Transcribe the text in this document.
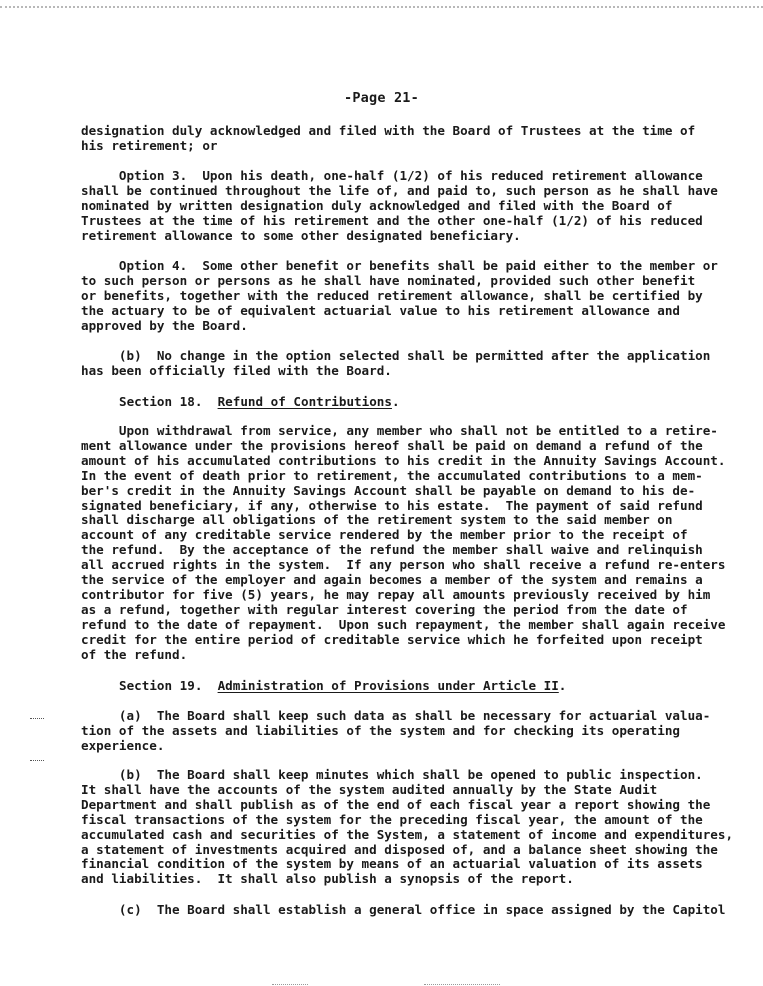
-Page 21-
designation duly acknowledged and filed with the Board of Trustees at the time of
his retirement; or
Option 3.  Upon his death, one-half (1/2) of his reduced retirement allowance
shall be continued throughout the life of, and paid to, such person as he shall have
nominated by written designation duly acknowledged and filed with the Board of
Trustees at the time of his retirement and the other one-half (1/2) of his reduced
retirement allowance to some other designated beneficiary.
Option 4.  Some other benefit or benefits shall be paid either to the member or
to such person or persons as he shall have nominated, provided such other benefit
or benefits, together with the reduced retirement allowance, shall be certified by
the actuary to be of equivalent actuarial value to his retirement allowance and
approved by the Board.
(b)  No change in the option selected shall be permitted after the application
has been officially filed with the Board.
Section 18.  Refund of Contributions.
Upon withdrawal from service, any member who shall not be entitled to a retire-
ment allowance under the provisions hereof shall be paid on demand a refund of the
amount of his accumulated contributions to his credit in the Annuity Savings Account.
In the event of death prior to retirement, the accumulated contributions to a mem-
ber's credit in the Annuity Savings Account shall be payable on demand to his de-
signated beneficiary, if any, otherwise to his estate.  The payment of said refund
shall discharge all obligations of the retirement system to the said member on
account of any creditable service rendered by the member prior to the receipt of
the refund.  By the acceptance of the refund the member shall waive and relinquish
all accrued rights in the system.  If any person who shall receive a refund re-enters
the service of the employer and again becomes a member of the system and remains a
contributor for five (5) years, he may repay all amounts previously received by him
as a refund, together with regular interest covering the period from the date of
refund to the date of repayment.  Upon such repayment, the member shall again receive
credit for the entire period of creditable service which he forfeited upon receipt
of the refund.
Section 19.  Administration of Provisions under Article II.
(a)  The Board shall keep such data as shall be necessary for actuarial valua-
tion of the assets and liabilities of the system and for checking its operating
experience.
(b)  The Board shall keep minutes which shall be opened to public inspection.
It shall have the accounts of the system audited annually by the State Audit
Department and shall publish as of the end of each fiscal year a report showing the
fiscal transactions of the system for the preceding fiscal year, the amount of the
accumulated cash and securities of the System, a statement of income and expenditures,
a statement of investments acquired and disposed of, and a balance sheet showing the
financial condition of the system by means of an actuarial valuation of its assets
and liabilities.  It shall also publish a synopsis of the report.
(c)  The Board shall establish a general office in space assigned by the Capitol
